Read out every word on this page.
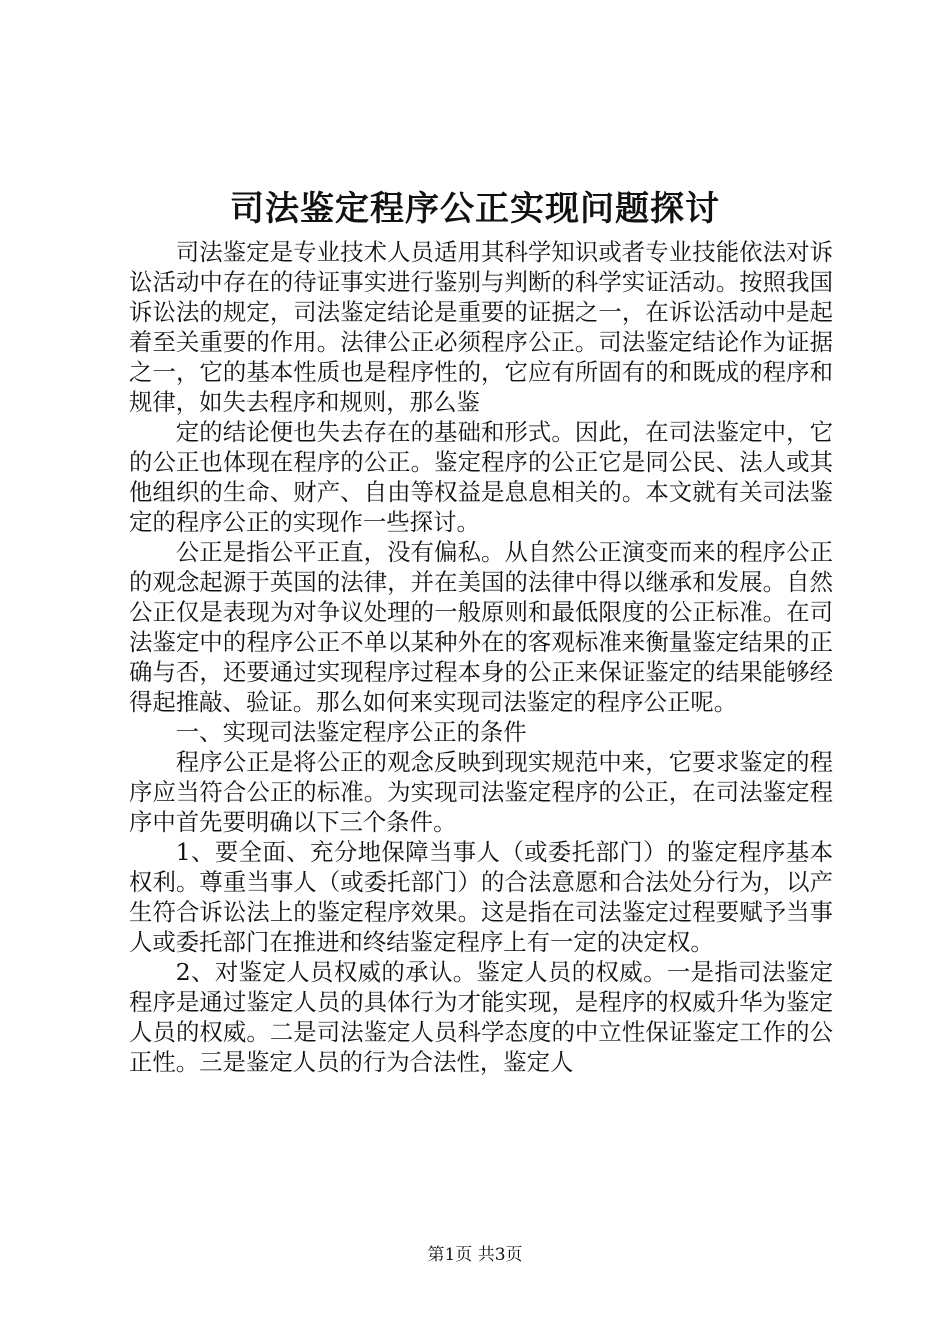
司法鉴定程序公正实现问题探讨

司法鉴定是专业技术人员适用其科学知识或者专业技能依法对诉讼活动中存在的待证事实进行鉴别与判断的科学实证活动。按照我国诉讼法的规定，司法鉴定结论是重要的证据之一，在诉讼活动中是起着至关重要的作用。法律公正必须程序公正。司法鉴定结论作为证据之一，它的基本性质也是程序性的，它应有所固有的和既成的程序和规律，如失去程序和规则，那么鉴

定的结论便也失去存在的基础和形式。因此，在司法鉴定中，它的公正也体现在程序的公正。鉴定程序的公正它是同公民、法人或其他组织的生命、财产、自由等权益是息息相关的。本文就有关司法鉴定的程序公正的实现作一些探讨。

公正是指公平正直，没有偏私。从自然公正演变而来的程序公正的观念起源于英国的法律，并在美国的法律中得以继承和发展。自然公正仅是表现为对争议处理的一般原则和最低限度的公正标准。在司法鉴定中的程序公正不单以某种外在的客观标准来衡量鉴定结果的正确与否，还要通过实现程序过程本身的公正来保证鉴定的结果能够经得起推敲、验证。那么如何来实现司法鉴定的程序公正呢。

一、实现司法鉴定程序公正的条件

程序公正是将公正的观念反映到现实规范中来，它要求鉴定的程序应当符合公正的标准。为实现司法鉴定程序的公正，在司法鉴定程序中首先要明确以下三个条件。

1、要全面、充分地保障当事人（或委托部门）的鉴定程序基本权利。尊重当事人（或委托部门）的合法意愿和合法处分行为，以产生符合诉讼法上的鉴定程序效果。这是指在司法鉴定过程要赋予当事人或委托部门在推进和终结鉴定程序上有一定的决定权。

2、对鉴定人员权威的承认。鉴定人员的权威。一是指司法鉴定程序是通过鉴定人员的具体行为才能实现，是程序的权威升华为鉴定人员的权威。二是司法鉴定人员科学态度的中立性保证鉴定工作的公正性。三是鉴定人员的行为合法性，鉴定人

第1页 共3页
